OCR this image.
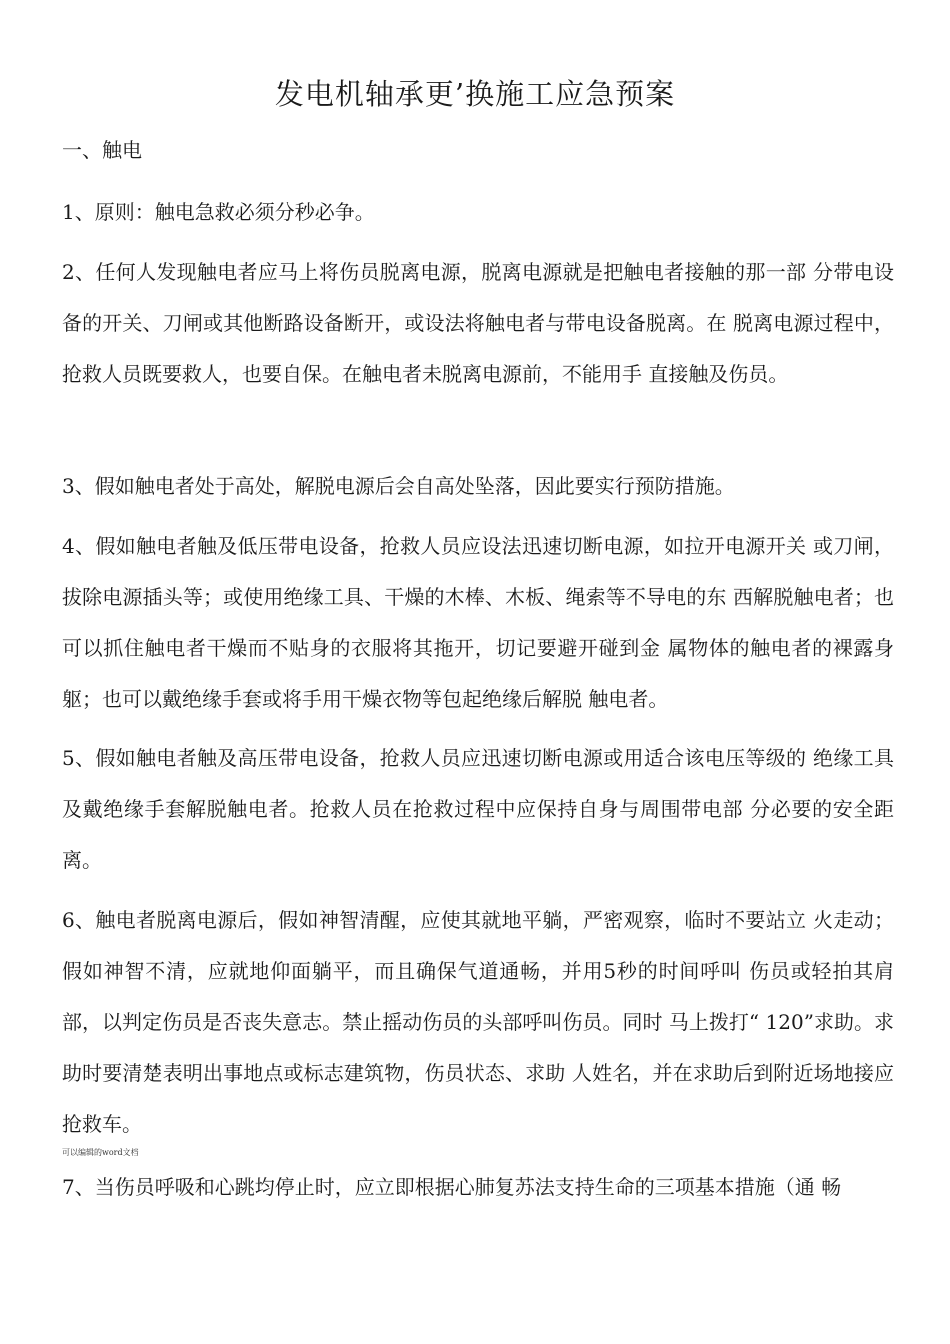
发电机轴承更’换施工应急预案
一、触电
1、原则：触电急救必须分秒必争。
2、任何人发现触电者应马上将伤员脱离电源，脱离电源就是把触电者接触的那一部 分带电设备的开关、刀闸或其他断路设备断开，或设法将触电者与带电设备脱离。在 脱离电源过程中，抢救人员既要救人，也要自保。在触电者未脱离电源前，不能用手 直接触及伤员。
3、假如触电者处于高处，解脱电源后会自高处坠落，因此要实行预防措施。
4、假如触电者触及低压带电设备，抢救人员应设法迅速切断电源，如拉开电源开关 或刀闸，拔除电源插头等；或使用绝缘工具、干燥的木棒、木板、绳索等不导电的东 西解脱触电者；也可以抓住触电者干燥而不贴身的衣服将其拖开，切记要避开碰到金 属物体的触电者的裸露身躯；也可以戴绝缘手套或将手用干燥衣物等包起绝缘后解脱 触电者。
5、假如触电者触及高压带电设备，抢救人员应迅速切断电源或用适合该电压等级的 绝缘工具及戴绝缘手套解脱触电者。抢救人员在抢救过程中应保持自身与周围带电部 分必要的安全距离。
6、触电者脱离电源后，假如神智清醒，应使其就地平躺，严密观察，临时不要站立 火走动；假如神智不清，应就地仰面躺平，而且确保气道通畅，并用5秒的时间呼叫 伤员或轻拍其肩部，以判定伤员是否丧失意志。禁止摇动伤员的头部呼叫伤员。同时 马上拨打“ 120”求助。求助时要清楚表明出事地点或标志建筑物，伤员状态、求助 人姓名，并在求助后到附近场地接应抢救车。
可以编辑的word文档
7、当伤员呼吸和心跳均停止时，应立即根据心肺复苏法支持生命的三项基本措施（通 畅
